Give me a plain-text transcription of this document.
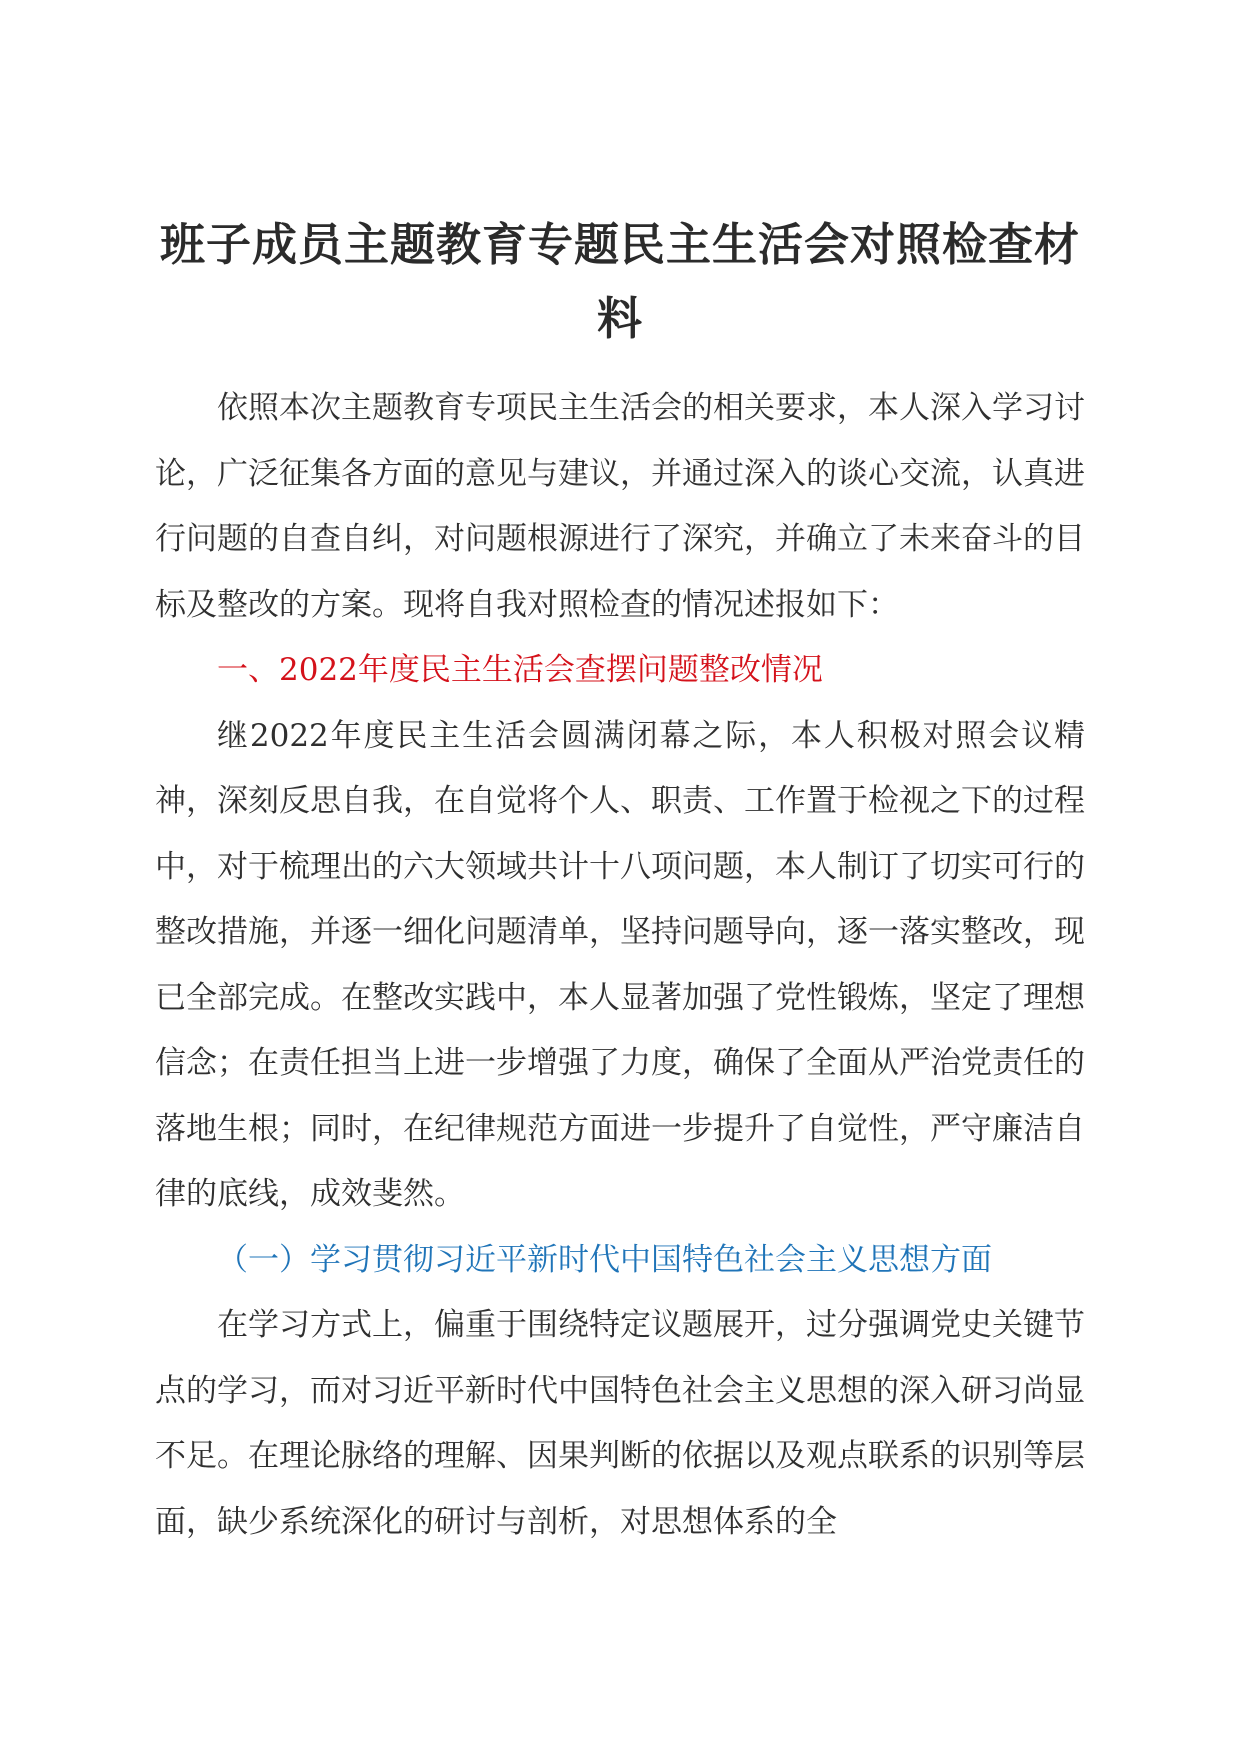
班子成员主题教育专题民主生活会对照检查材料

依照本次主题教育专项民主生活会的相关要求，本人深入学习讨论，广泛征集各方面的意见与建议，并通过深入的谈心交流，认真进行问题的自查自纠，对问题根源进行了深究，并确立了未来奋斗的目标及整改的方案。现将自我对照检查的情况述报如下：

一、2022年度民主生活会查摆问题整改情况

继2022年度民主生活会圆满闭幕之际，本人积极对照会议精神，深刻反思自我，在自觉将个人、职责、工作置于检视之下的过程中，对于梳理出的六大领域共计十八项问题，本人制订了切实可行的整改措施，并逐一细化问题清单，坚持问题导向，逐一落实整改，现已全部完成。在整改实践中，本人显著加强了党性锻炼，坚定了理想信念；在责任担当上进一步增强了力度，确保了全面从严治党责任的落地生根；同时，在纪律规范方面进一步提升了自觉性，严守廉洁自律的底线，成效斐然。

（一）学习贯彻习近平新时代中国特色社会主义思想方面

在学习方式上，偏重于围绕特定议题展开，过分强调党史关键节点的学习，而对习近平新时代中国特色社会主义思想的深入研习尚显不足。在理论脉络的理解、因果判断的依据以及观点联系的识别等层面，缺少系统深化的研讨与剖析，对思想体系的全
